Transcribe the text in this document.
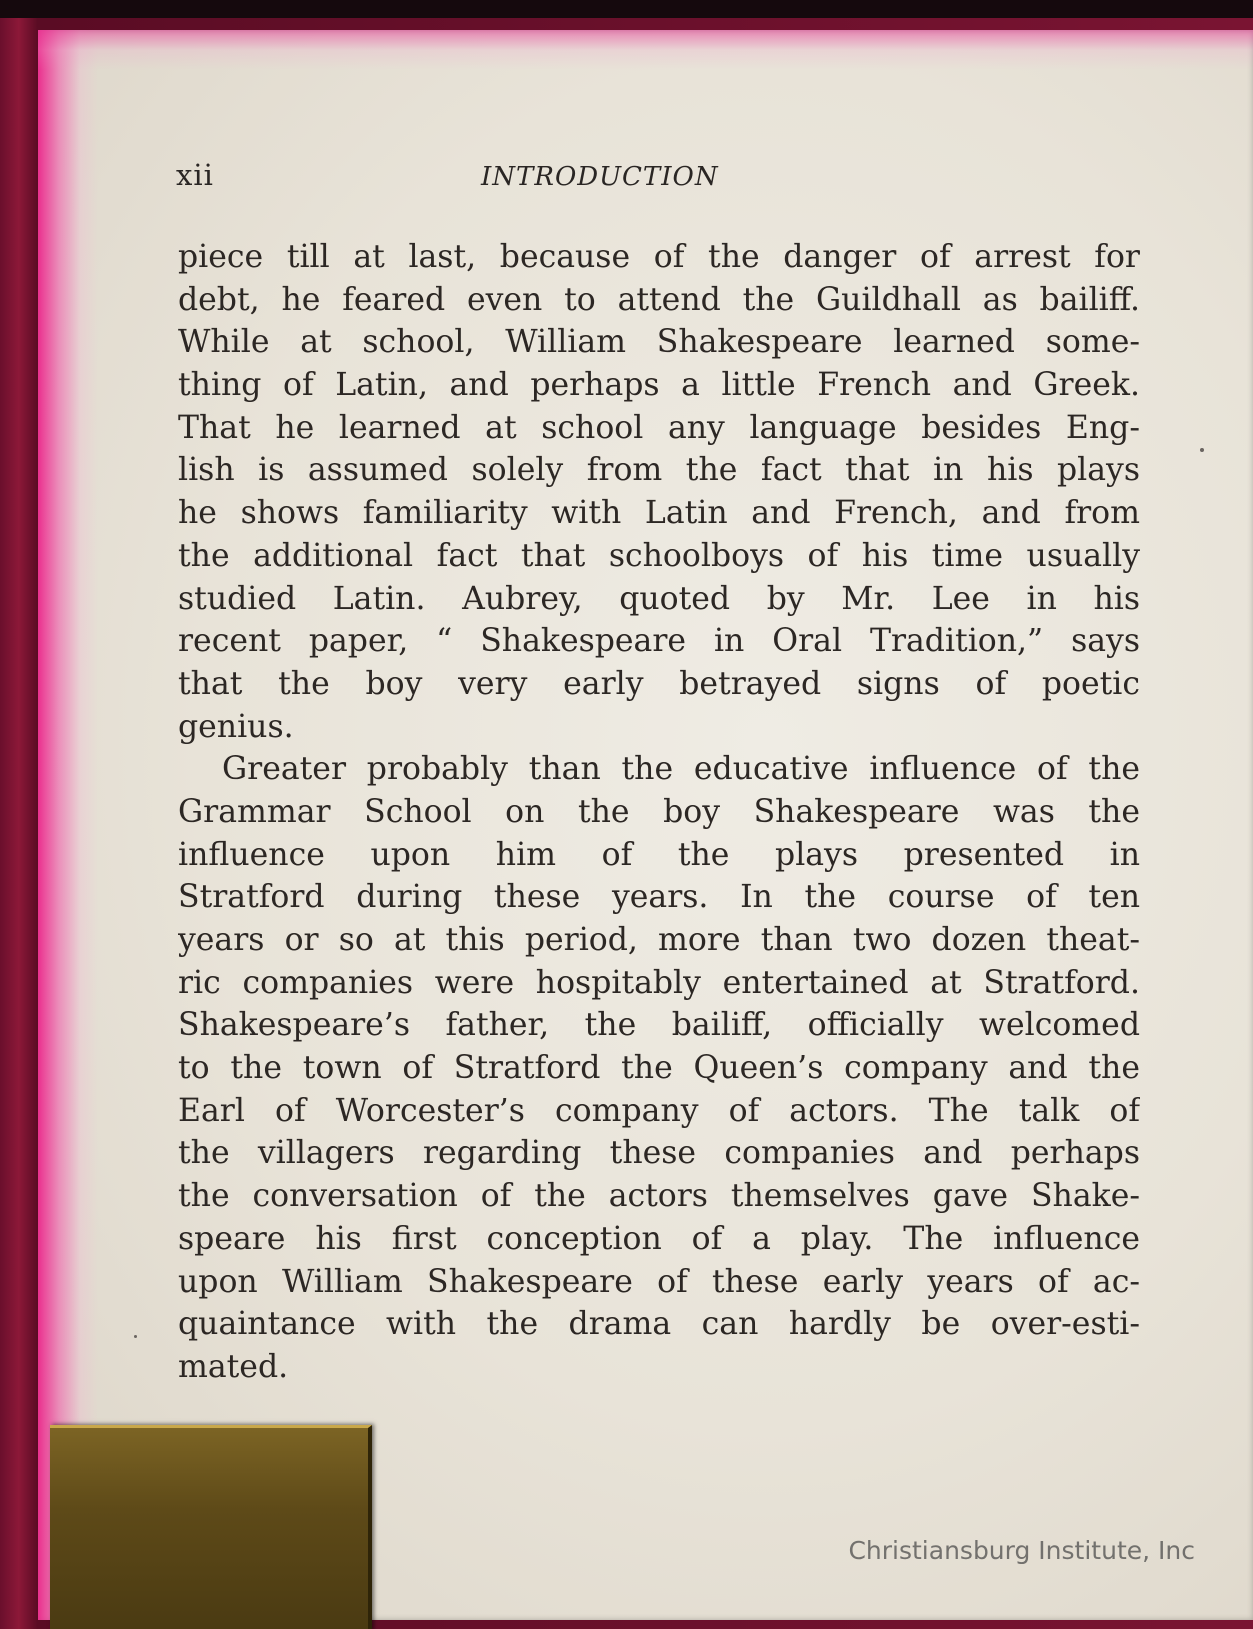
xii	INTRODUCTION
piece till at last, because of the danger of arrest for
debt, he feared even to attend the Guildhall as bailiff.
While at school, William Shakespeare learned some-
thing of Latin, and perhaps a little French and Greek.
That he learned at school any language besides Eng-
lish is assumed solely from the fact that in his plays
he shows familiarity with Latin and French, and from
the additional fact that schoolboys of his time usually
studied Latin. Aubrey, quoted by Mr. Lee in his
recent paper, “ Shakespeare in Oral Tradition,” says
that the boy very early betrayed signs of poetic
genius.
Greater probably than the educative influence of the
Grammar School on the boy Shakespeare was the
influence upon him of the plays presented in
Stratford during these years. In the course of ten
years or so at this period, more than two dozen theat-
ric companies were hospitably entertained at Stratford.
Shakespeare’s father, the bailiff, officially welcomed
to the town of Stratford the Queen’s company and the
Earl of Worcester’s company of actors. The talk of
the villagers regarding these companies and perhaps
the conversation of the actors themselves gave Shake-
speare his first conception of a play. The influence
upon William Shakespeare of these early years of ac-
quaintance with the drama can hardly be over-esti-
mated.
Christiansburg Institute, Inc
